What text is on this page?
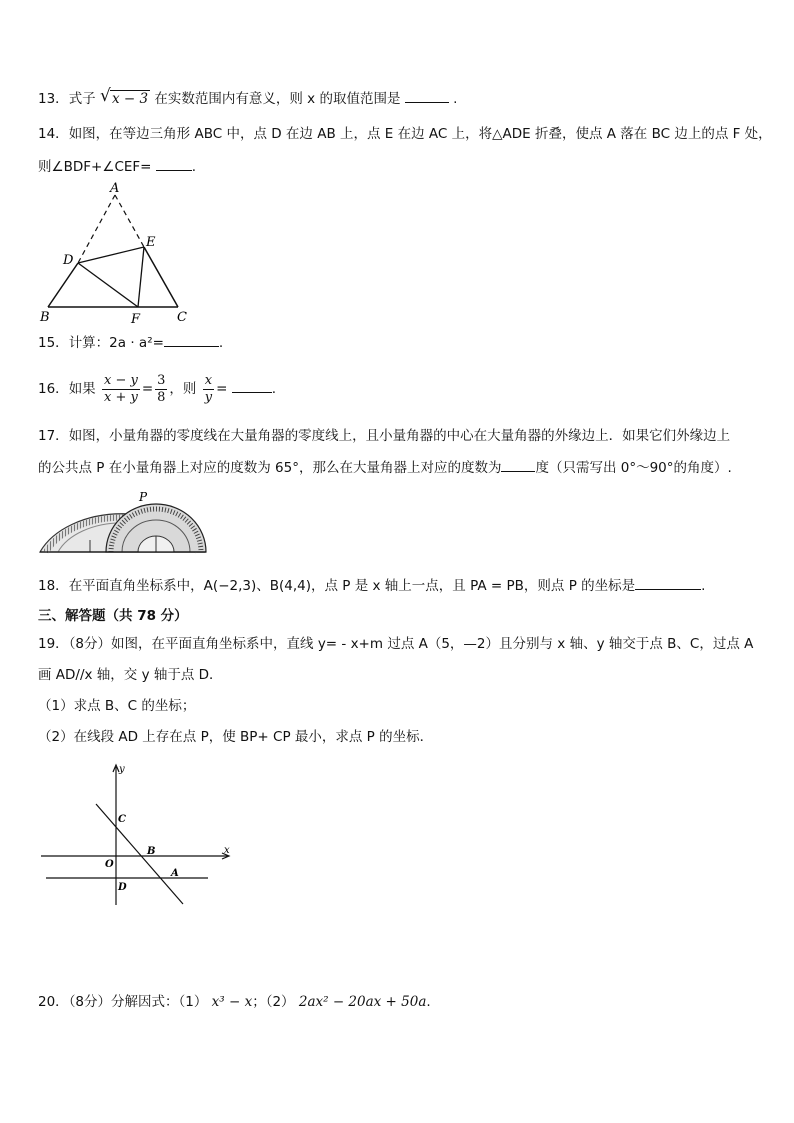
13．式子 √ x − 3 在实数范围内有意义，则 x 的取值范围是	.
14．如图，在等边三角形 ABC 中，点 D 在边 AB 上，点 E 在边 AC 上，将△ADE 折叠，使点 A 落在 BC 边上的点 F 处，
则∠BDF+∠CEF=	.
A
E
D
B	F	C
15．计算：2a · a²=	.
16．如果 $\frac{x - y}{x + y} = \frac{3}{8}$ ，则 $\frac{x}{y}$ =	.
17．如图，小量角器的零度线在大量角器的零度线上，且小量角器的中心在大量角器的外缘边上．如果它们外缘边上
的公共点 P 在小量角器上对应的度数为 65°，那么在大量角器上对应的度数为	度（只需写出 0°～90°的角度）.
P
18．在平面直角坐标系中，A(−2,3)、B(4,4)，点 P 是 x 轴上一点，且 PA = PB，则点 P 的坐标是	.
三、解答题（共 78 分）
19．（8分）如图，在平面直角坐标系中，直线 y= - x+m 过点 A（5，—2）且分别与 x 轴、y 轴交于点 B、C，过点 A
画 AD//x 轴，交 y 轴于点 D．
（1）求点 B、C 的坐标；
（2）在线段 AD 上存在点 P，使 BP+ CP 最小，求点 P 的坐标．
y
x
C
O
B
A
D
20．（8分）分解因式：（1） x³ − x；（2） 2ax² − 20ax + 50a.
